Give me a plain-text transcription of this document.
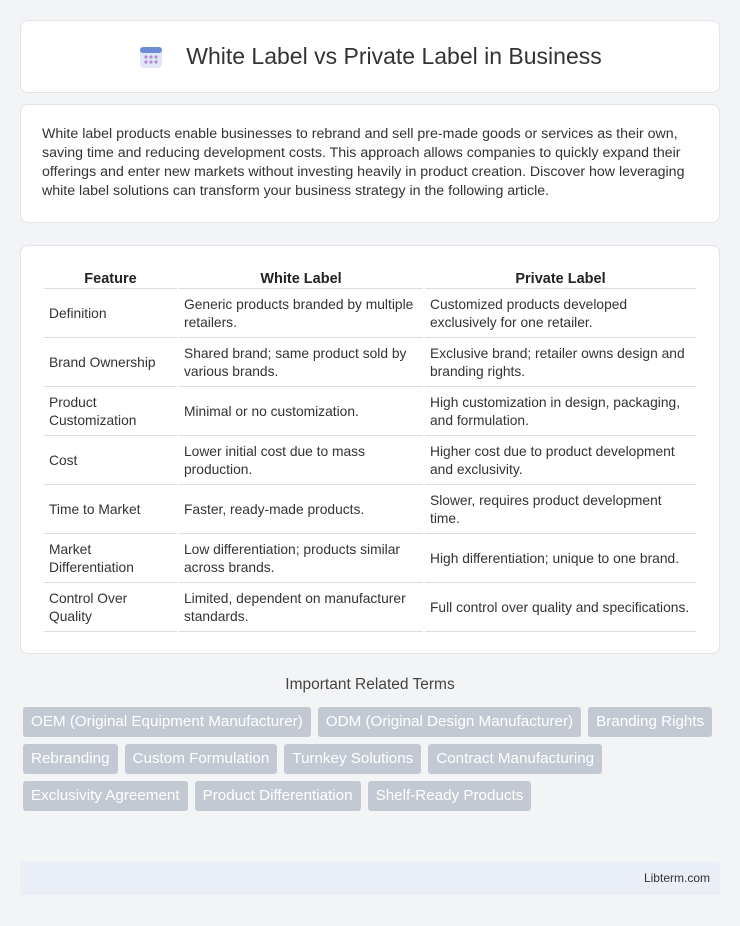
White Label vs Private Label in Business

White label products enable businesses to rebrand and sell pre-made goods or services as their own, saving time and reducing development costs. This approach allows companies to quickly expand their offerings and enter new markets without investing heavily in product creation. Discover how leveraging white label solutions can transform your business strategy in the following article.

Feature	White Label	Private Label
Definition	Generic products branded by multiple retailers.	Customized products developed exclusively for one retailer.
Brand Ownership	Shared brand; same product sold by various brands.	Exclusive brand; retailer owns design and branding rights.
Product Customization	Minimal or no customization.	High customization in design, packaging, and formulation.
Cost	Lower initial cost due to mass production.	Higher cost due to product development and exclusivity.
Time to Market	Faster, ready-made products.	Slower, requires product development time.
Market Differentiation	Low differentiation; products similar across brands.	High differentiation; unique to one brand.
Control Over Quality	Limited, dependent on manufacturer standards.	Full control over quality and specifications.
Important Related Terms
OEM (Original Equipment Manufacturer)	ODM (Original Design Manufacturer)	Branding Rights
Rebranding	Custom Formulation	Turnkey Solutions	Contract Manufacturing
Exclusivity Agreement	Product Differentiation	Shelf-Ready Products
Libterm.com
